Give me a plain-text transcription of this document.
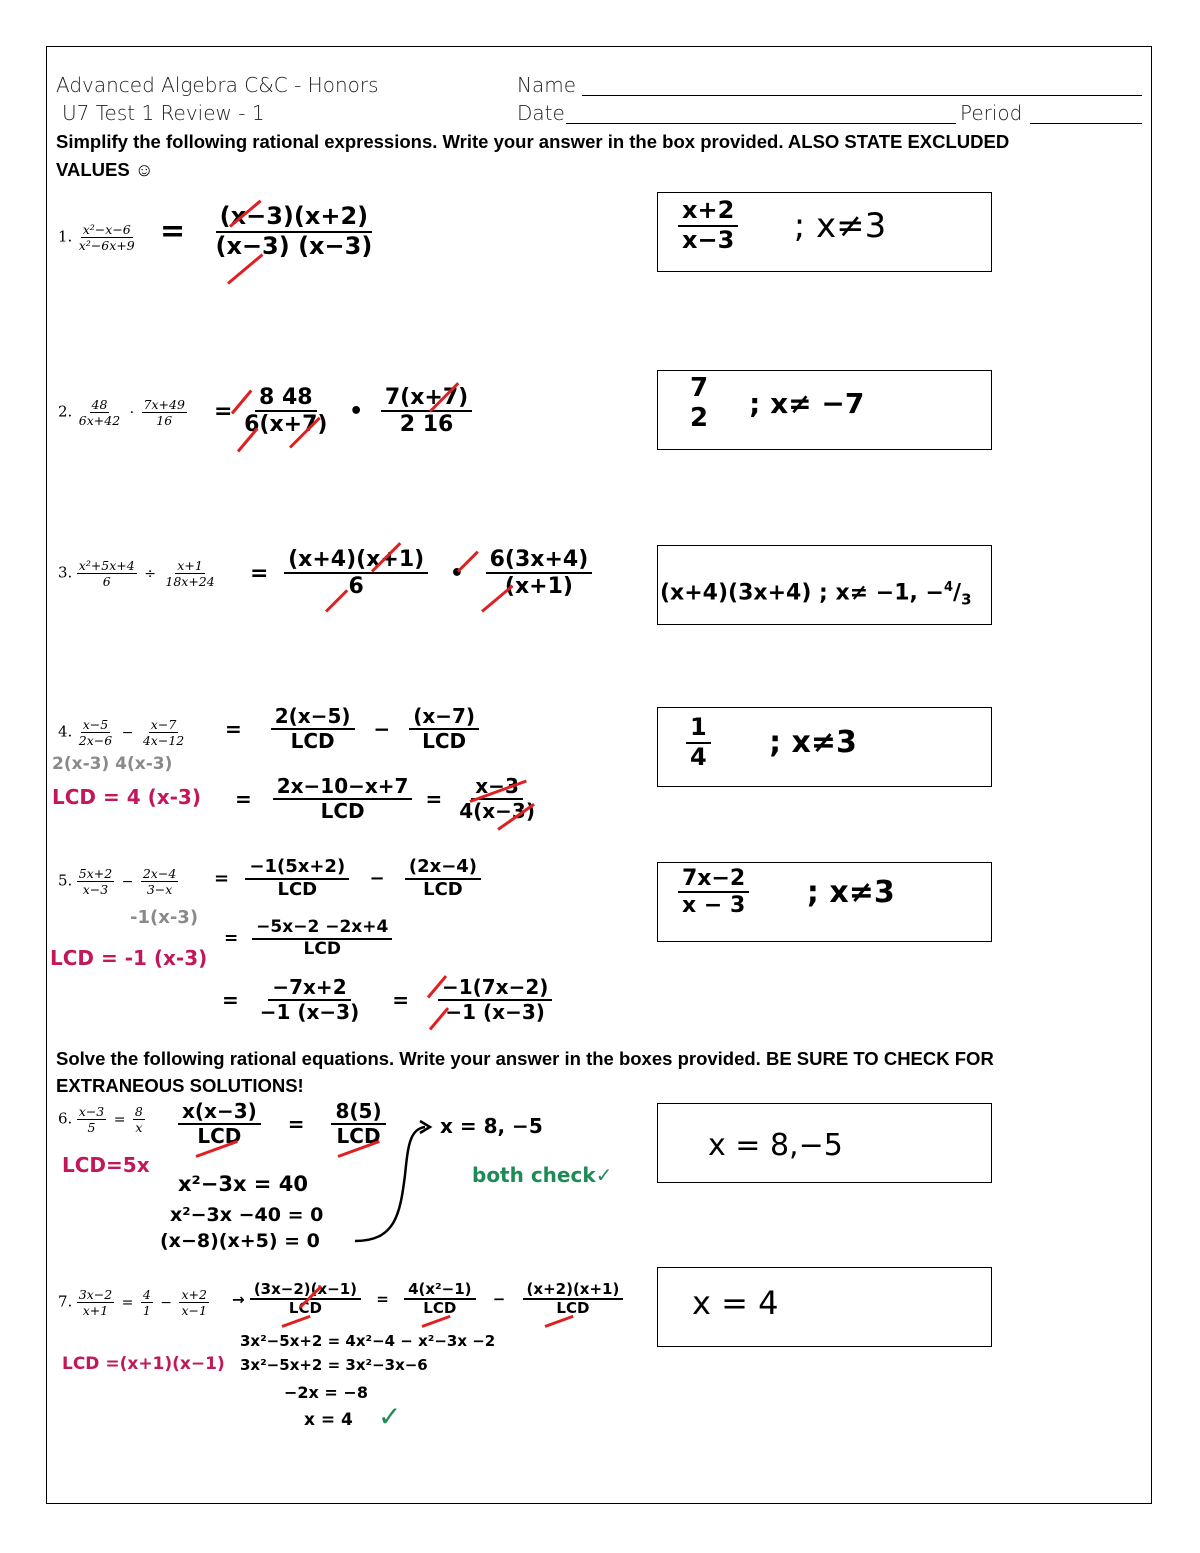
Advanced Algebra C&C - Honors
U7 Test 1 Review - 1
Name
Date	Period
Simplify the following rational expressions. Write your answer in the box provided. ALSO STATE EXCLUDED
VALUES ☺
1. $\frac{\text{x²−x−6}}{\text{x²−6x+9}} = \frac{(x-3)(x+2)}{(x-3) (x-3)}$	$\frac{x+2}{x-3}$ ; x≠3
2. $\frac{48}{6x+42} \cdot \frac{7x+49}{16} = \frac{8 48}{6(x+7)}$ • $\frac{7(x+7)}{2 16}$	7
2 ; x≠ −7
3. $\frac{\text{x²+5x+4}}{6} \div \frac{x+1}{18x+24} = \frac{(x+4)(x+1)}{6}$ • $\frac{6(3x+4)}{(x+1)}$	(x+4)(3x+4) ; x≠ −1, $-^4/_3$
4. $\frac{x-5}{2x-6} - \frac{x-7}{4x-12}$
2(x-3) 4(x-3)
LCD = 4 (x-3)
=
2(x−5)
LCD −
(x−7)
LCD
=
2x−10−x+7
LCD	= $\frac{x-3}{4(x-3)}$
$\frac{1}{4}$ ; x≠3
5. $\frac{5x+2}{x-3} - \frac{2x-4}{3-x}$
-1(x-3)
LCD = -1 (x-3)
=
−1(5x+2)
LCD	−
(2x−4)
LCD
=
−5x−2 −2x+4
LCD
= $\frac{-7x+2}{-1 (x-3)} = \frac{-1(7x-2)}{-1 (x-3)}$
$\frac{7x-2}{x - 3}$ ; x≠3
Solve the following rational equations. Write your answer in the boxes provided. BE SURE TO CHECK FOR
EXTRANEOUS SOLUTIONS!
6. $\frac{x-3}{5} = \frac{8}{x}$
LCD=5x
x(x−3)
LCD =
8(5)
LCD
x²−3x = 40
x²−3x −40 = 0
(x−8)(x+5) = 0
x = 8, −5
both check✓
x = 8,−5
7. $\frac{3x-2}{x+1} = \frac{4}{1} - \frac{x+2}{x-1}$
LCD =(x+1)(x−1)
→
(3x−2)(x−1)
LCD	=
4(x²−1)
LCD −
(x+2)(x+1)
LCD
3x²−5x+2 = 4x²−4 − x²−3x −2
3x²−5x+2 = 3x²−3x−6
−2x = −8
x = 4 ✓
x = 4
